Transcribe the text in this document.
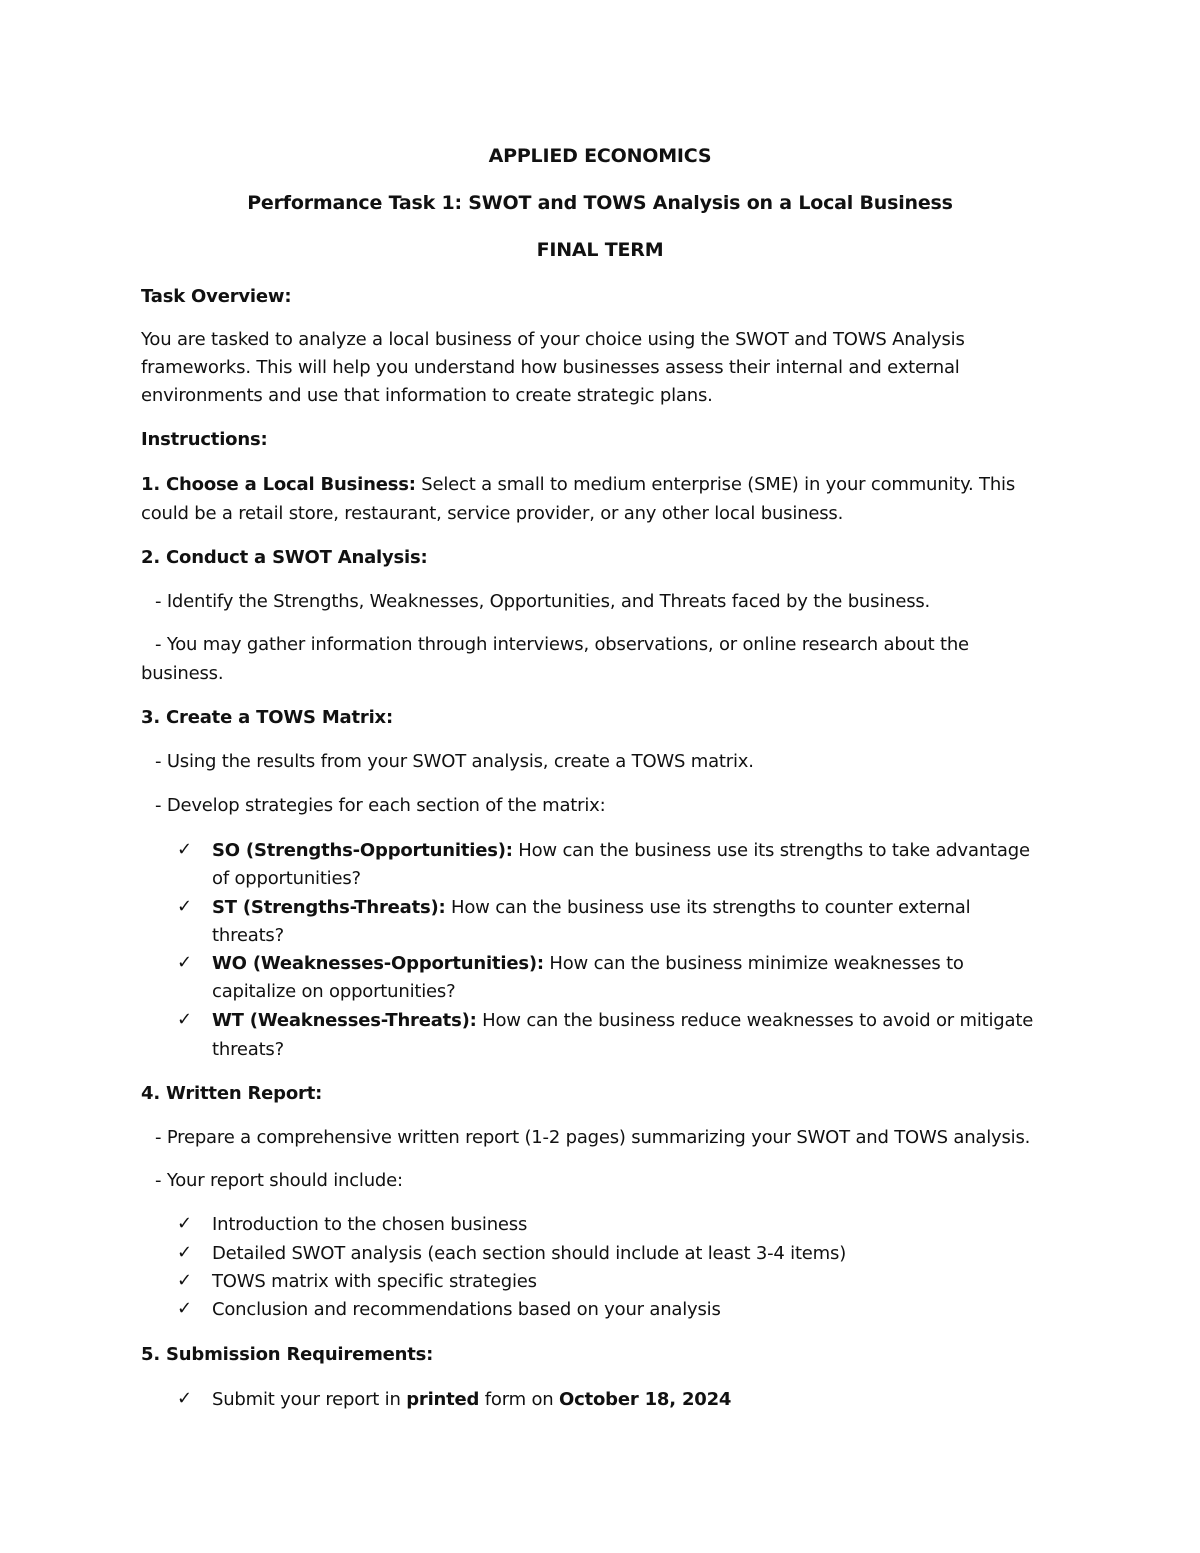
APPLIED ECONOMICS
Performance Task 1: SWOT and TOWS Analysis on a Local Business
FINAL TERM
Task Overview:
You are tasked to analyze a local business of your choice using the SWOT and TOWS Analysis
frameworks. This will help you understand how businesses assess their internal and external
environments and use that information to create strategic plans.
Instructions:
1. Choose a Local Business: Select a small to medium enterprise (SME) in your community. This
could be a retail store, restaurant, service provider, or any other local business.
2. Conduct a SWOT Analysis:
- Identify the Strengths, Weaknesses, Opportunities, and Threats faced by the business.
- You may gather information through interviews, observations, or online research about the
business.
3. Create a TOWS Matrix:
- Using the results from your SWOT analysis, create a TOWS matrix.
- Develop strategies for each section of the matrix:
✓ SO (Strengths-Opportunities): How can the business use its strengths to take advantage
of opportunities?
✓ ST (Strengths-Threats): How can the business use its strengths to counter external
threats?
✓ WO (Weaknesses-Opportunities): How can the business minimize weaknesses to
capitalize on opportunities?
✓ WT (Weaknesses-Threats): How can the business reduce weaknesses to avoid or mitigate
threats?
4. Written Report:
- Prepare a comprehensive written report (1-2 pages) summarizing your SWOT and TOWS analysis.
- Your report should include:
✓ Introduction to the chosen business
✓ Detailed SWOT analysis (each section should include at least 3-4 items)
✓ TOWS matrix with specific strategies
✓ Conclusion and recommendations based on your analysis
5. Submission Requirements:
✓ Submit your report in printed form on October 18, 2024
